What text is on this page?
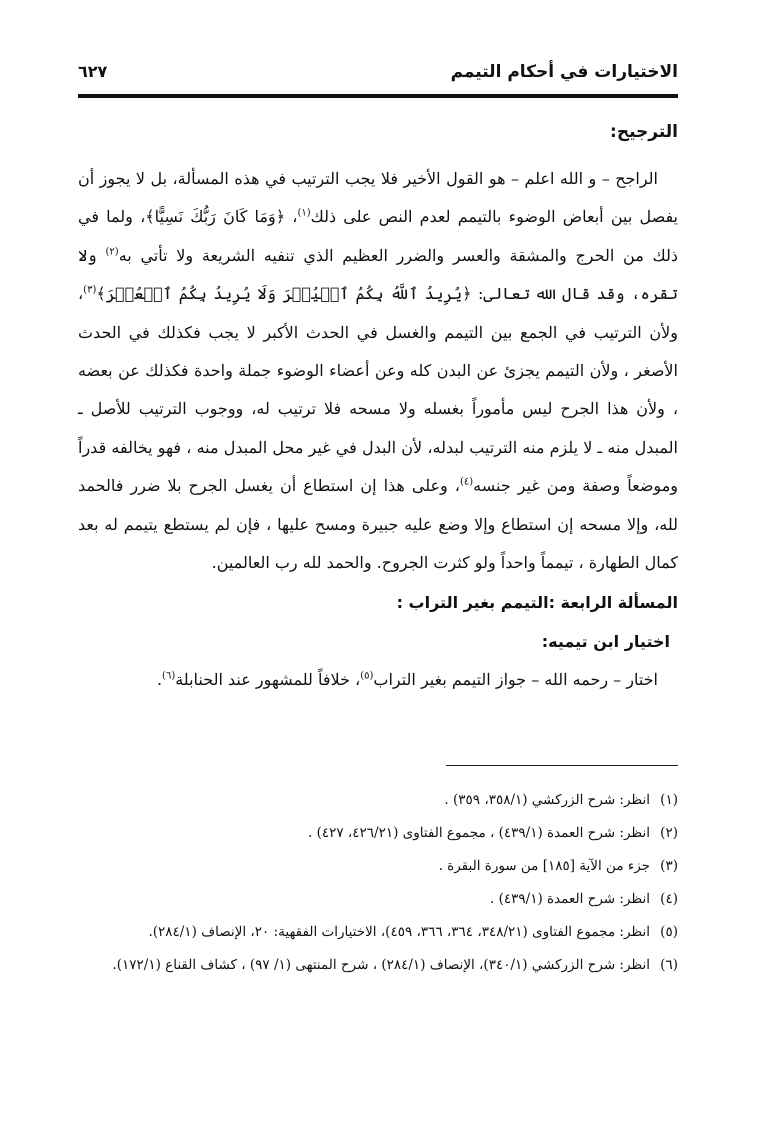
الاختيارات في أحكام التيمم
٦٢٧
الترجيح:

الراجح – و الله اعلم – هو القول الأخير فلا يجب الترتيب في هذه المسألة، بل لا يجوز أن يفصل بين أبعاض الوضوء بالتيمم لعدم النص على ذلك$^{(١)}$، ﴿وَمَا كَانَ رَبُّكَ نَسِيًّا﴾، ولما في ذلك من الحرج والمشقة والعسر والضرر العظيم الذي تنفيه الشريعة ولا تأتي به$^{(٢)}$ ولا تقره، وقد قال الله تعالى: ﴿يُرِيدُ ٱللَّهُ بِكُمُ ٱلۡيُسۡرَ وَلَا يُرِيدُ بِكُمُ ٱلۡعُسۡرَ﴾$^{(٣)}$، ولأن الترتيب في الجمع بين التيمم والغسل في الحدث الأكبر لا يجب فكذلك في الحدث الأصغر ، ولأن التيمم يجزئ عن البدن كله وعن أعضاء الوضوء جملة واحدة فكذلك عن بعضه ، ولأن هذا الجرح ليس مأموراً بغسله ولا مسحه فلا ترتيب له، ووجوب الترتيب للأصل ـ المبدل منه ـ لا يلزم منه الترتيب لبدله، لأن البدل في غير محل المبدل منه ، فهو يخالفه قدراً وموضعاً وصفة ومن غير جنسه$^{(٤)}$، وعلى هذا إن استطاع أن يغسل الجرح بلا ضرر فالحمد لله، وإلا مسحه إن استطاع وإلا وضع عليه جبيرة ومسح عليها ، فإن لم يستطع يتيمم له بعد كمال الطهارة ، تيمماً واحداً ولو كثرت الجروح. والحمد لله رب العالمين.

المسألة الرابعة :التيمم بغير التراب :

اختيار ابن تيميه:

اختار – رحمه الله – جواز التيمم بغير التراب$^{(٥)}$، خلافاً للمشهور عند الحنابلة$^{(٦)}$.

(١)
انظر: شرح الزركشي (٣٥٨/١، ٣٥٩) .
(٢)
انظر: شرح العمدة (٤٣٩/١) ، مجموع الفتاوى (٤٢٦/٢١، ٤٢٧) .
(٣)
جزء من الآية [١٨٥] من سورة البقرة .
(٤)
انظر: شرح العمدة (٤٣٩/١) .
(٥)
انظر: مجموع الفتاوى (٣٤٨/٢١، ٣٦٤، ٣٦٦، ٤٥٩)، الاختيارات الفقهية: ٢٠، الإنصاف (٢٨٤/١).
(٦)
انظر: شرح الزركشي (٣٤٠/١)، الإنصاف (٢٨٤/١) ، شرح المنتهى (١/ ٩٧) ، كشاف القناع (١٧٢/١).
